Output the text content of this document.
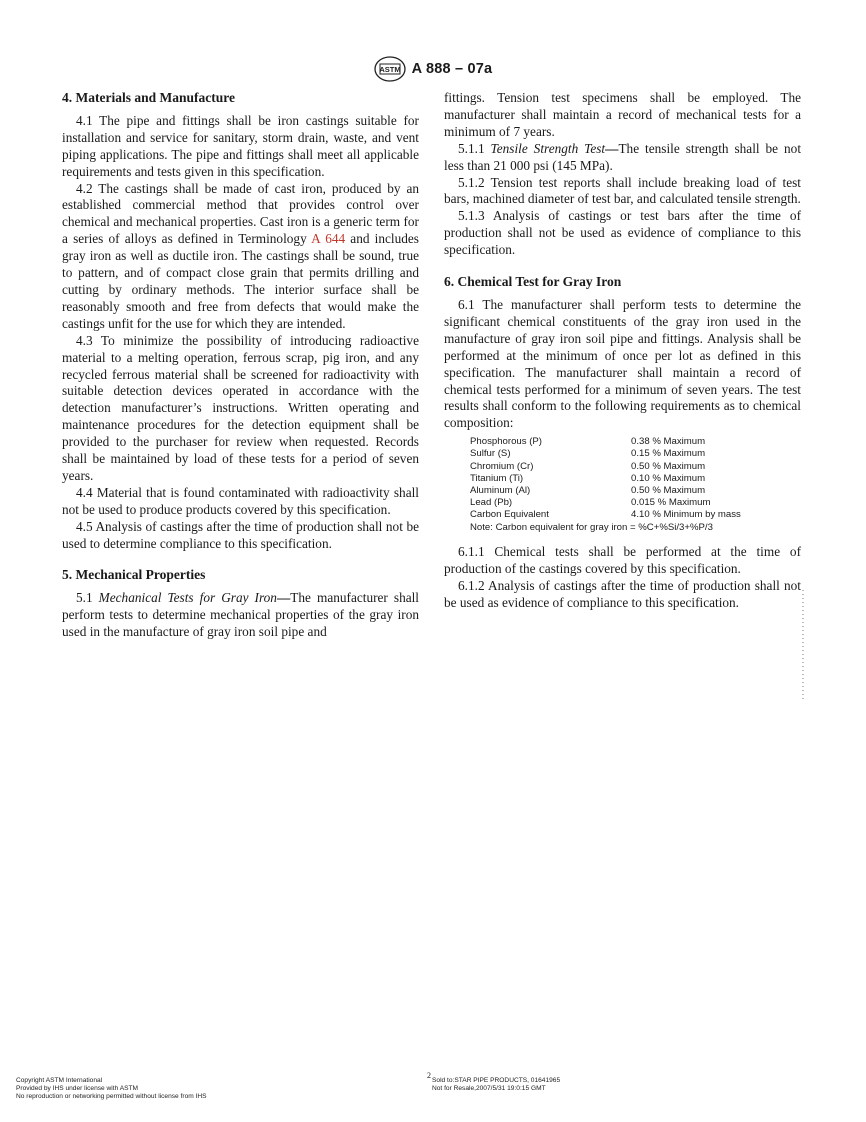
ASTM A 888 – 07a
4. Materials and Manufacture

4.1 The pipe and fittings shall be iron castings suitable for installation and service for sanitary, storm drain, waste, and vent piping applications. The pipe and fittings shall meet all applicable requirements and tests given in this specification.

4.2 The castings shall be made of cast iron, produced by an established commercial method that provides control over chemical and mechanical properties. Cast iron is a generic term for a series of alloys as defined in Terminology A 644 and includes gray iron as well as ductile iron. The castings shall be sound, true to pattern, and of compact close grain that permits drilling and cutting by ordinary methods. The interior surface shall be reasonably smooth and free from defects that would make the castings unfit for the use for which they are intended.

4.3 To minimize the possibility of introducing radioactive material to a melting operation, ferrous scrap, pig iron, and any recycled ferrous material shall be screened for radioactivity with suitable detection devices operated in accordance with the detection manufacturer’s instructions. Written operating and maintenance procedures for the detection equipment shall be provided to the purchaser for review when requested. Records shall be maintained by load of these tests for a period of seven years.

4.4 Material that is found contaminated with radioactivity shall not be used to produce products covered by this specification.

4.5 Analysis of castings after the time of production shall not be used to determine compliance to this specification.

5. Mechanical Properties

5.1 Mechanical Tests for Gray Iron—The manufacturer shall perform tests to determine mechanical properties of the gray iron used in the manufacture of gray iron soil pipe and

fittings. Tension test specimens shall be employed. The manufacturer shall maintain a record of mechanical tests for a minimum of 7 years.

5.1.1 Tensile Strength Test—The tensile strength shall be not less than 21 000 psi (145 MPa).

5.1.2 Tension test reports shall include breaking load of test bars, machined diameter of test bar, and calculated tensile strength.

5.1.3 Analysis of castings or test bars after the time of production shall not be used as evidence of compliance to this specification.

6. Chemical Test for Gray Iron

6.1 The manufacturer shall perform tests to determine the significant chemical constituents of the gray iron used in the manufacture of gray iron soil pipe and fittings. Analysis shall be performed at the minimum of once per lot as defined in this specification. The manufacturer shall maintain a record of chemical tests performed for a minimum of seven years. The test results shall conform to the following requirements as to chemical composition:

Phosphorous (P)	0.38 % Maximum
Sulfur (S)	0.15 % Maximum
Chromium (Cr)	0.50 % Maximum
Titanium (Ti)	0.10 % Maximum
Aluminum (Al)	0.50 % Maximum
Lead (Pb)	0.015 % Maximum
Carbon Equivalent	4.10 % Minimum by mass
Note: Carbon equivalent for gray iron = %C+%Si/3+%P/3

6.1.1 Chemical tests shall be performed at the time of production of the castings covered by this specification.

6.1.2 Analysis of castings after the time of production shall not be used as evidence of compliance to this specification.

2
Copyright ASTM International
Provided by IHS under license with ASTM
No reproduction or networking permitted without license from IHS
Sold to:STAR PIPE PRODUCTS, 01641965
Not for Resale,2007/5/31 19:0:15 GMT
